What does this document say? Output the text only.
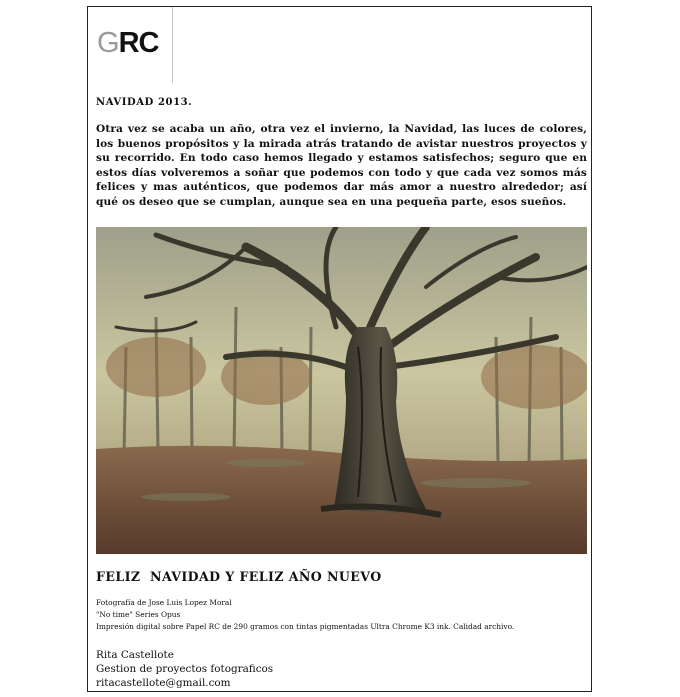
GRC
NAVIDAD 2013.
Otra vez se acaba un año, otra vez el invierno, la Navidad, las luces de colores, los buenos propósitos y la mirada atrás tratando de avistar nuestros proyectos y su recorrido. En todo caso hemos llegado y estamos satisfechos; seguro que en estos días volveremos a soñar que podemos con todo y que cada vez somos más felices y mas auténticos, que podemos dar más amor a nuestro alrededor; así qué os deseo que se cumplan, aunque sea en una pequeña parte, esos sueños.
FELIZ  NAVIDAD Y FELIZ AÑO NUEVO
Fotografía de Jose Luis Lopez Moral
"No time" Series Opus
Impresión digital sobre Papel RC de 290 gramos con tintas pigmentadas Ultra Chrome K3 ink. Calidad archivo.
Rita Castellote
Gestion de proyectos fotograficos
ritacastellote@gmail.com
